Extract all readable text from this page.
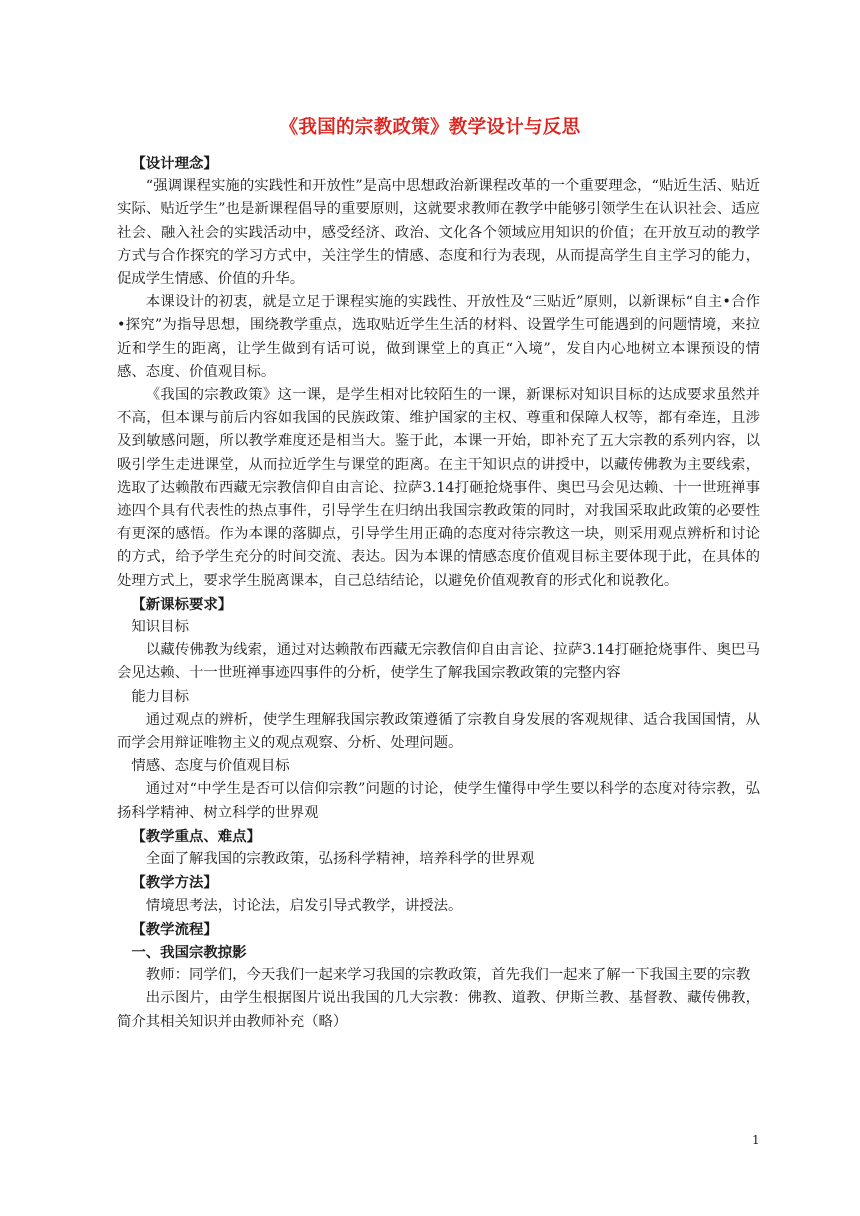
《我国的宗教政策》教学设计与反思

【设计理念】

“强调课程实施的实践性和开放性”是高中思想政治新课程改革的一个重要理念，“贴近生活、贴近实际、贴近学生”也是新课程倡导的重要原则，这就要求教师在教学中能够引领学生在认识社会、适应社会、融入社会的实践活动中，感受经济、政治、文化各个领域应用知识的价值；在开放互动的教学方式与合作探究的学习方式中，关注学生的情感、态度和行为表现，从而提高学生自主学习的能力，促成学生情感、价值的升华。

本课设计的初衷，就是立足于课程实施的实践性、开放性及“三贴近”原则，以新课标“自主•合作•探究”为指导思想，围绕教学重点，选取贴近学生生活的材料、设置学生可能遇到的问题情境，来拉近和学生的距离，让学生做到有话可说，做到课堂上的真正“入境”，发自内心地树立本课预设的情感、态度、价值观目标。

《我国的宗教政策》这一课，是学生相对比较陌生的一课，新课标对知识目标的达成要求虽然并不高，但本课与前后内容如我国的民族政策、维护国家的主权、尊重和保障人权等，都有牵连，且涉及到敏感问题，所以教学难度还是相当大。鉴于此，本课一开始，即补充了五大宗教的系列内容，以吸引学生走进课堂，从而拉近学生与课堂的距离。在主干知识点的讲授中，以藏传佛教为主要线索，选取了达赖散布西藏无宗教信仰自由言论、拉萨3.14打砸抢烧事件、奥巴马会见达赖、十一世班禅事迹四个具有代表性的热点事件，引导学生在归纳出我国宗教政策的同时，对我国采取此政策的必要性有更深的感悟。作为本课的落脚点，引导学生用正确的态度对待宗教这一块，则采用观点辨析和讨论的方式，给予学生充分的时间交流、表达。因为本课的情感态度价值观目标主要体现于此，在具体的处理方式上，要求学生脱离课本，自己总结结论，以避免价值观教育的形式化和说教化。

【新课标要求】

知识目标

以藏传佛教为线索，通过对达赖散布西藏无宗教信仰自由言论、拉萨3.14打砸抢烧事件、奥巴马会见达赖、十一世班禅事迹四事件的分析，使学生了解我国宗教政策的完整内容

能力目标

通过观点的辨析，使学生理解我国宗教政策遵循了宗教自身发展的客观规律、适合我国国情，从而学会用辩证唯物主义的观点观察、分析、处理问题。

情感、态度与价值观目标

通过对“中学生是否可以信仰宗教”问题的讨论，使学生懂得中学生要以科学的态度对待宗教，弘扬科学精神、树立科学的世界观

【教学重点、难点】

全面了解我国的宗教政策，弘扬科学精神，培养科学的世界观

【教学方法】

情境思考法，讨论法，启发引导式教学，讲授法。

【教学流程】

一、我国宗教掠影

教师：同学们，今天我们一起来学习我国的宗教政策，首先我们一起来了解一下我国主要的宗教

出示图片，由学生根据图片说出我国的几大宗教：佛教、道教、伊斯兰教、基督教、藏传佛教，简介其相关知识并由教师补充（略）

1
